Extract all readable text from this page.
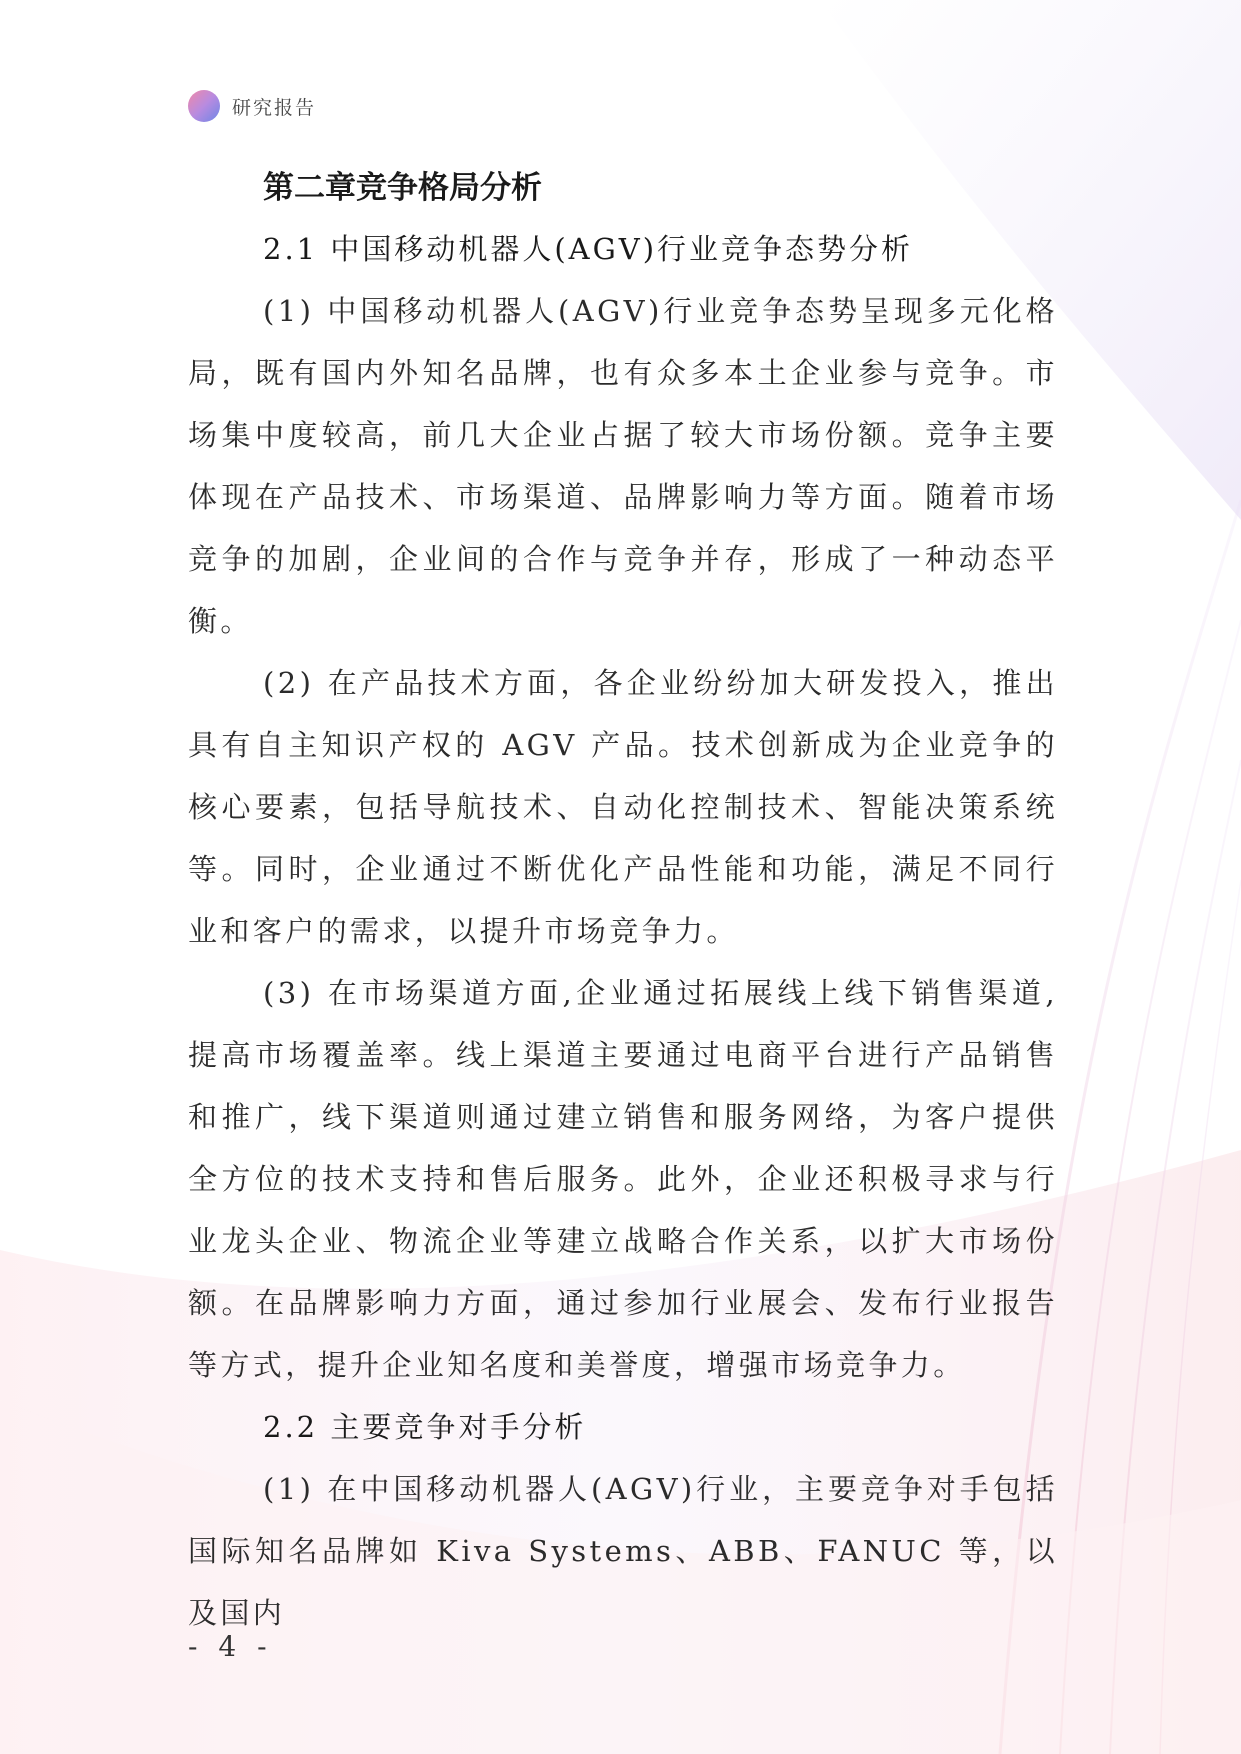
研究报告
第二章竞争格局分析
2.1 中国移动机器人(AGV)行业竞争态势分析

(1) 中国移动机器人(AGV)行业竞争态势呈现多元化格局，既有国内外知名品牌，也有众多本土企业参与竞争。市场集中度较高，前几大企业占据了较大市场份额。竞争主要体现在产品技术、市场渠道、品牌影响力等方面。随着市场竞争的加剧，企业间的合作与竞争并存，形成了一种动态平衡。

(2) 在产品技术方面，各企业纷纷加大研发投入，推出具有自主知识产权的 AGV 产品。技术创新成为企业竞争的核心要素，包括导航技术、自动化控制技术、智能决策系统等。同时，企业通过不断优化产品性能和功能，满足不同行业和客户的需求，以提升市场竞争力。

(3) 在市场渠道方面,企业通过拓展线上线下销售渠道,提高市场覆盖率。线上渠道主要通过电商平台进行产品销售和推广，线下渠道则通过建立销售和服务网络，为客户提供全方位的技术支持和售后服务。此外，企业还积极寻求与行业龙头企业、物流企业等建立战略合作关系，以扩大市场份额。在品牌影响力方面，通过参加行业展会、发布行业报告等方式，提升企业知名度和美誉度，增强市场竞争力。

2.2 主要竞争对手分析

(1) 在中国移动机器人(AGV)行业，主要竞争对手包括国际知名品牌如 Kiva Systems、ABB、FANUC 等，以及国内

- 4 -
